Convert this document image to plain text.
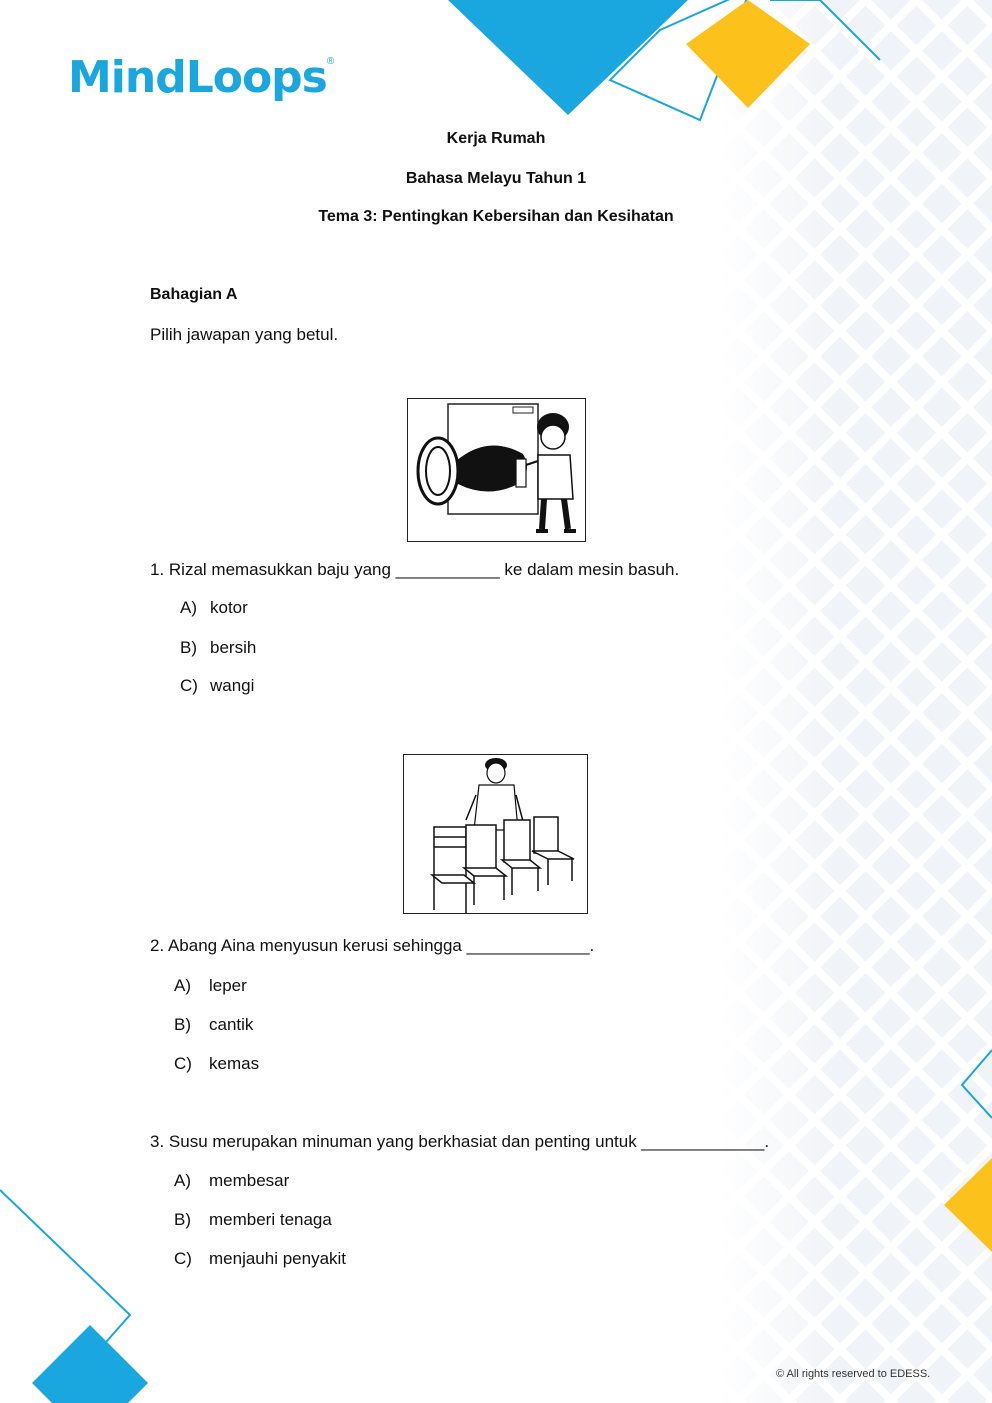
MindLoops®
Kerja Rumah
Bahasa Melayu Tahun 1
Tema 3: Pentingkan Kebersihan dan Kesihatan
Bahagian A
Pilih jawapan yang betul.
1. Rizal memasukkan baju yang ___________ ke dalam mesin basuh.
A) kotor
B) bersih
C) wangi
2. Abang Aina menyusun kerusi sehingga _____________.
A) leper
B) cantik
C) kemas
3. Susu merupakan minuman yang berkhasiat dan penting untuk _____________.
A) membesar
B) memberi tenaga
C) menjauhi penyakit
© All rights reserved to EDESS.
